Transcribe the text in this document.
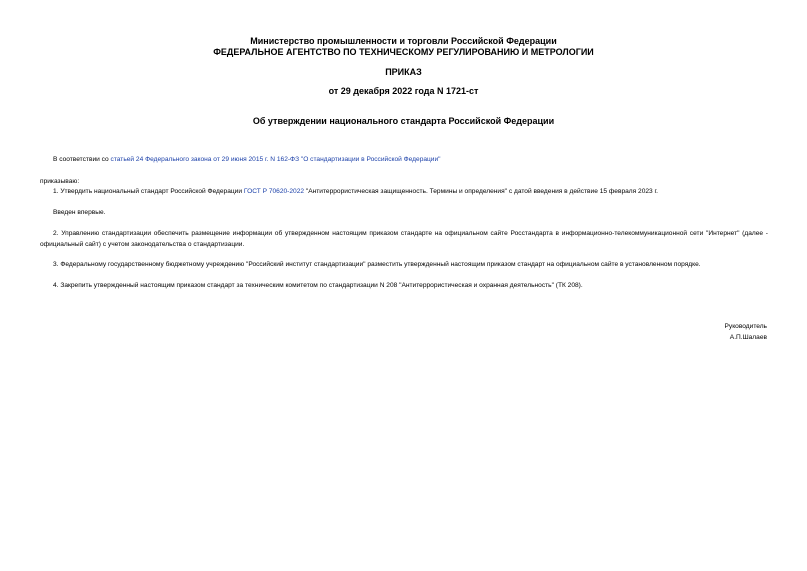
Министерство промышленности и торговли Российской Федерации
ФЕДЕРАЛЬНОЕ АГЕНТСТВО ПО ТЕХНИЧЕСКОМУ РЕГУЛИРОВАНИЮ И МЕТРОЛОГИИ
ПРИКАЗ
от 29 декабря 2022 года N 1721-ст
Об утверждении национального стандарта Российской Федерации
В соответствии со статьей 24 Федерального закона от 29 июня 2015 г. N 162-ФЗ "О стандартизации в Российской Федерации"
приказываю:
1. Утвердить национальный стандарт Российской Федерации ГОСТ Р 70620-2022 "Антитеррористическая защищенность. Термины и определения" с датой введения в действие 15 февраля 2023 г.
Введен впервые.
2. Управлению стандартизации обеспечить размещение информации об утвержденном настоящим приказом стандарте на официальном сайте Росстандарта в информационно-телекоммуникационной сети "Интернет" (далее - официальный сайт) с учетом законодательства о стандартизации.
3. Федеральному государственному бюджетному учреждению "Российский институт стандартизации" разместить утвержденный настоящим приказом стандарт на официальном сайте в установленном порядке.
4. Закрепить утвержденный настоящим приказом стандарт за техническим комитетом по стандартизации N 208 "Антитеррористическая и охранная деятельность" (ТК 208).
Руководитель
А.П.Шалаев
